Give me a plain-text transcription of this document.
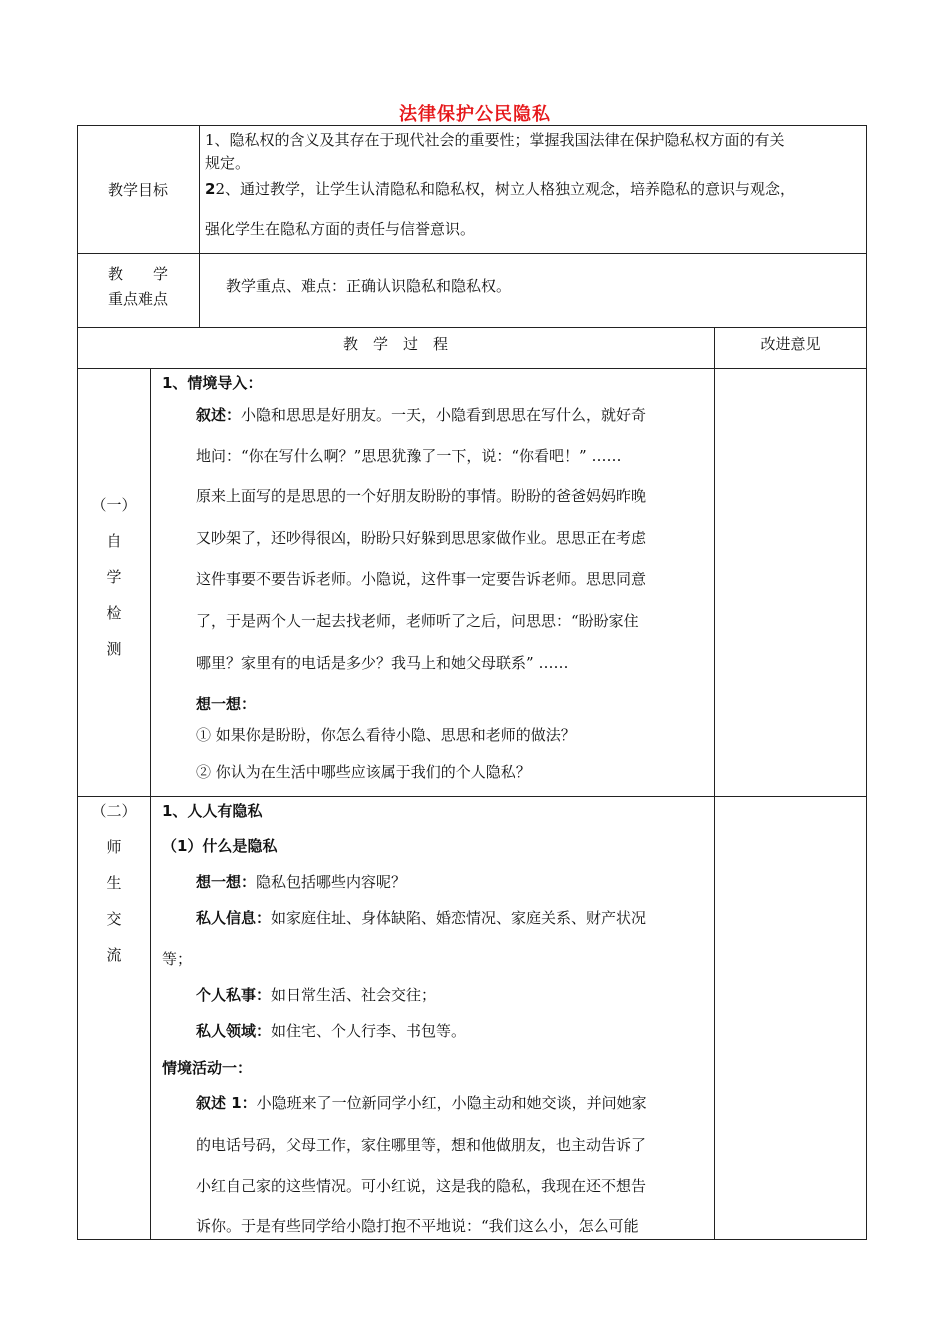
法律保护公民隐私
教学目标
1、隐私权的含义及其存在于现代社会的重要性；掌握我国法律在保护隐私权方面的有关
规定。
22、通过教学，让学生认清隐私和隐私权，树立人格独立观念，培养隐私的意识与观念，
强化学生在隐私方面的责任与信誉意识。
教　　学
重点难点
教学重点、难点：正确认识隐私和隐私权。
教　学　过　程	改进意见
（一）
自
学
检
测
1、情境导入：
叙述：小隐和思思是好朋友。一天，小隐看到思思在写什么，就好奇
地问：“你在写什么啊？”思思犹豫了一下，说：“你看吧！” ……
原来上面写的是思思的一个好朋友盼盼的事情。盼盼的爸爸妈妈昨晚
又吵架了，还吵得很凶，盼盼只好躲到思思家做作业。思思正在考虑
这件事要不要告诉老师。小隐说，这件事一定要告诉老师。思思同意
了，于是两个人一起去找老师，老师听了之后，问思思：“盼盼家住
哪里？家里有的电话是多少？我马上和她父母联系” ……
想一想：
① 如果你是盼盼，你怎么看待小隐、思思和老师的做法？
② 你认为在生活中哪些应该属于我们的个人隐私？
（二）
师
生
交
流
1、人人有隐私
（1）什么是隐私
想一想：隐私包括哪些内容呢？
私人信息：如家庭住址、身体缺陷、婚恋情况、家庭关系、财产状况
等；
个人私事：如日常生活、社会交往；
私人领域：如住宅、个人行李、书包等。
情境活动一：
叙述 1：小隐班来了一位新同学小红，小隐主动和她交谈，并问她家
的电话号码，父母工作，家住哪里等，想和他做朋友，也主动告诉了
小红自己家的这些情况。可小红说，这是我的隐私，我现在还不想告
诉你。于是有些同学给小隐打抱不平地说：“我们这么小，怎么可能
